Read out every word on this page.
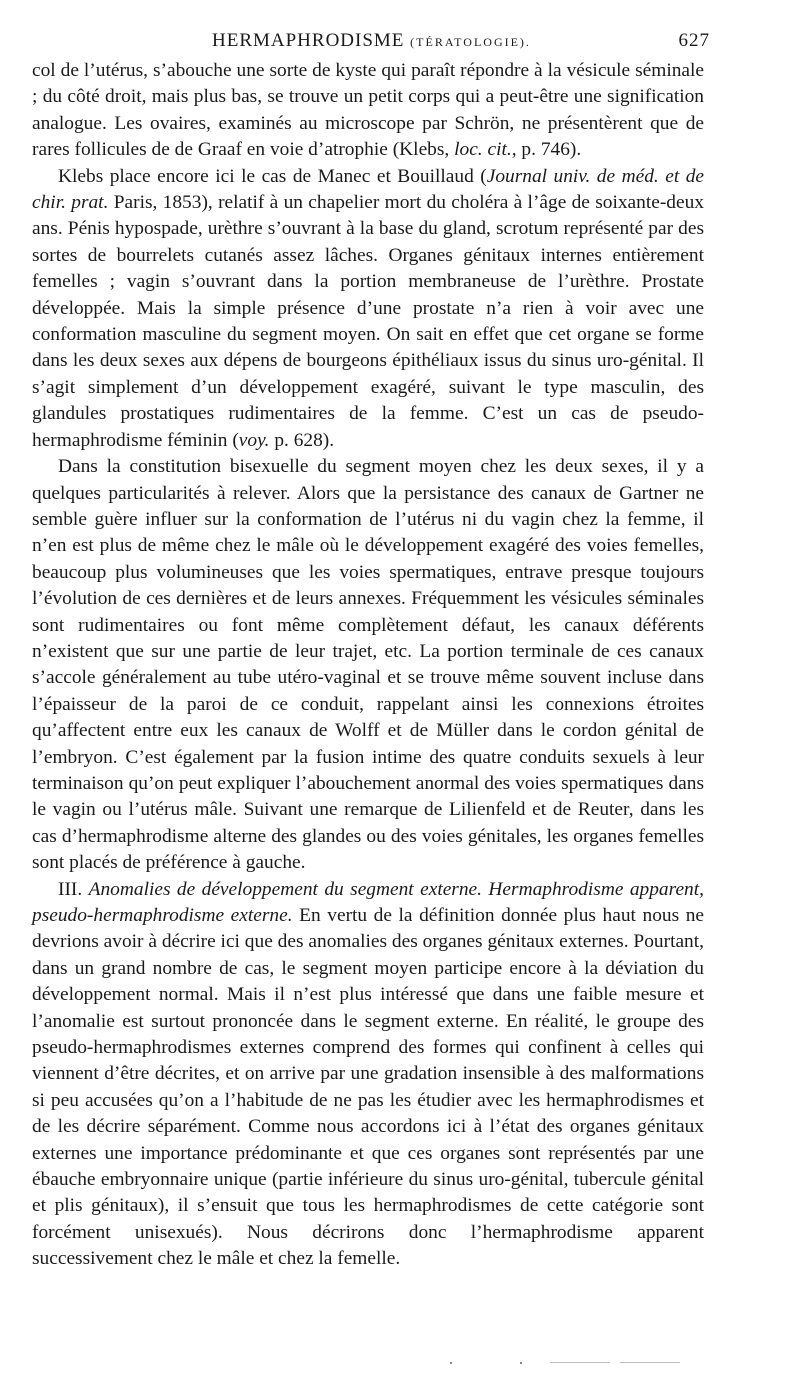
HERMAPHRODISME (TÉRATOLOGIE).	627

col de l’utérus, s’abouche une sorte de kyste qui paraît répondre à la vésicule séminale ; du côté droit, mais plus bas, se trouve un petit corps qui a peut-être une signification analogue. Les ovaires, examinés au microscope par Schrön, ne présentèrent que de rares follicules de de Graaf en voie d’atrophie (Klebs, loc. cit., p. 746).

Klebs place encore ici le cas de Manec et Bouillaud (Journal univ. de méd. et de chir. prat. Paris, 1853), relatif à un chapelier mort du choléra à l’âge de soixante-deux ans. Pénis hypospade, urèthre s’ouvrant à la base du gland, scrotum représenté par des sortes de bourrelets cutanés assez lâches. Organes génitaux internes entièrement femelles ; vagin s’ouvrant dans la portion membraneuse de l’urèthre. Prostate développée. Mais la simple présence d’une prostate n’a rien à voir avec une conformation masculine du segment moyen. On sait en effet que cet organe se forme dans les deux sexes aux dépens de bourgeons épithéliaux issus du sinus uro-génital. Il s’agit simplement d’un développement exagéré, suivant le type masculin, des glandules prostatiques rudimentaires de la femme. C’est un cas de pseudo-hermaphrodisme féminin (voy. p. 628).

Dans la constitution bisexuelle du segment moyen chez les deux sexes, il y a quelques particularités à relever. Alors que la persistance des canaux de Gartner ne semble guère influer sur la conformation de l’utérus ni du vagin chez la femme, il n’en est plus de même chez le mâle où le développement exagéré des voies femelles, beaucoup plus volumineuses que les voies spermatiques, entrave presque toujours l’évolution de ces dernières et de leurs annexes. Fréquemment les vésicules séminales sont rudimentaires ou font même complètement défaut, les canaux déférents n’existent que sur une partie de leur trajet, etc. La portion terminale de ces canaux s’accole généralement au tube utéro-vaginal et se trouve même souvent incluse dans l’épaisseur de la paroi de ce conduit, rappelant ainsi les connexions étroites qu’affectent entre eux les canaux de Wolff et de Müller dans le cordon génital de l’embryon. C’est également par la fusion intime des quatre conduits sexuels à leur terminaison qu’on peut expliquer l’abouchement anormal des voies spermatiques dans le vagin ou l’utérus mâle. Suivant une remarque de Lilienfeld et de Reuter, dans les cas d’hermaphrodisme alterne des glandes ou des voies génitales, les organes femelles sont placés de préférence à gauche.

III. Anomalies de développement du segment externe. Hermaphrodisme apparent, pseudo-hermaphrodisme externe. En vertu de la définition donnée plus haut nous ne devrions avoir à décrire ici que des anomalies des organes génitaux externes. Pourtant, dans un grand nombre de cas, le segment moyen participe encore à la déviation du développement normal. Mais il n’est plus intéressé que dans une faible mesure et l’anomalie est surtout prononcée dans le segment externe. En réalité, le groupe des pseudo-hermaphrodismes externes comprend des formes qui confinent à celles qui viennent d’être décrites, et on arrive par une gradation insensible à des malformations si peu accusées qu’on a l’habitude de ne pas les étudier avec les hermaphrodismes et de les décrire séparément. Comme nous accordons ici à l’état des organes génitaux externes une importance prédominante et que ces organes sont représentés par une ébauche embryonnaire unique (partie inférieure du sinus uro-génital, tubercule génital et plis génitaux), il s’ensuit que tous les hermaphrodismes de cette catégorie sont forcément unisexués). Nous décrirons donc l’hermaphrodisme apparent successivement chez le mâle et chez la femelle.
